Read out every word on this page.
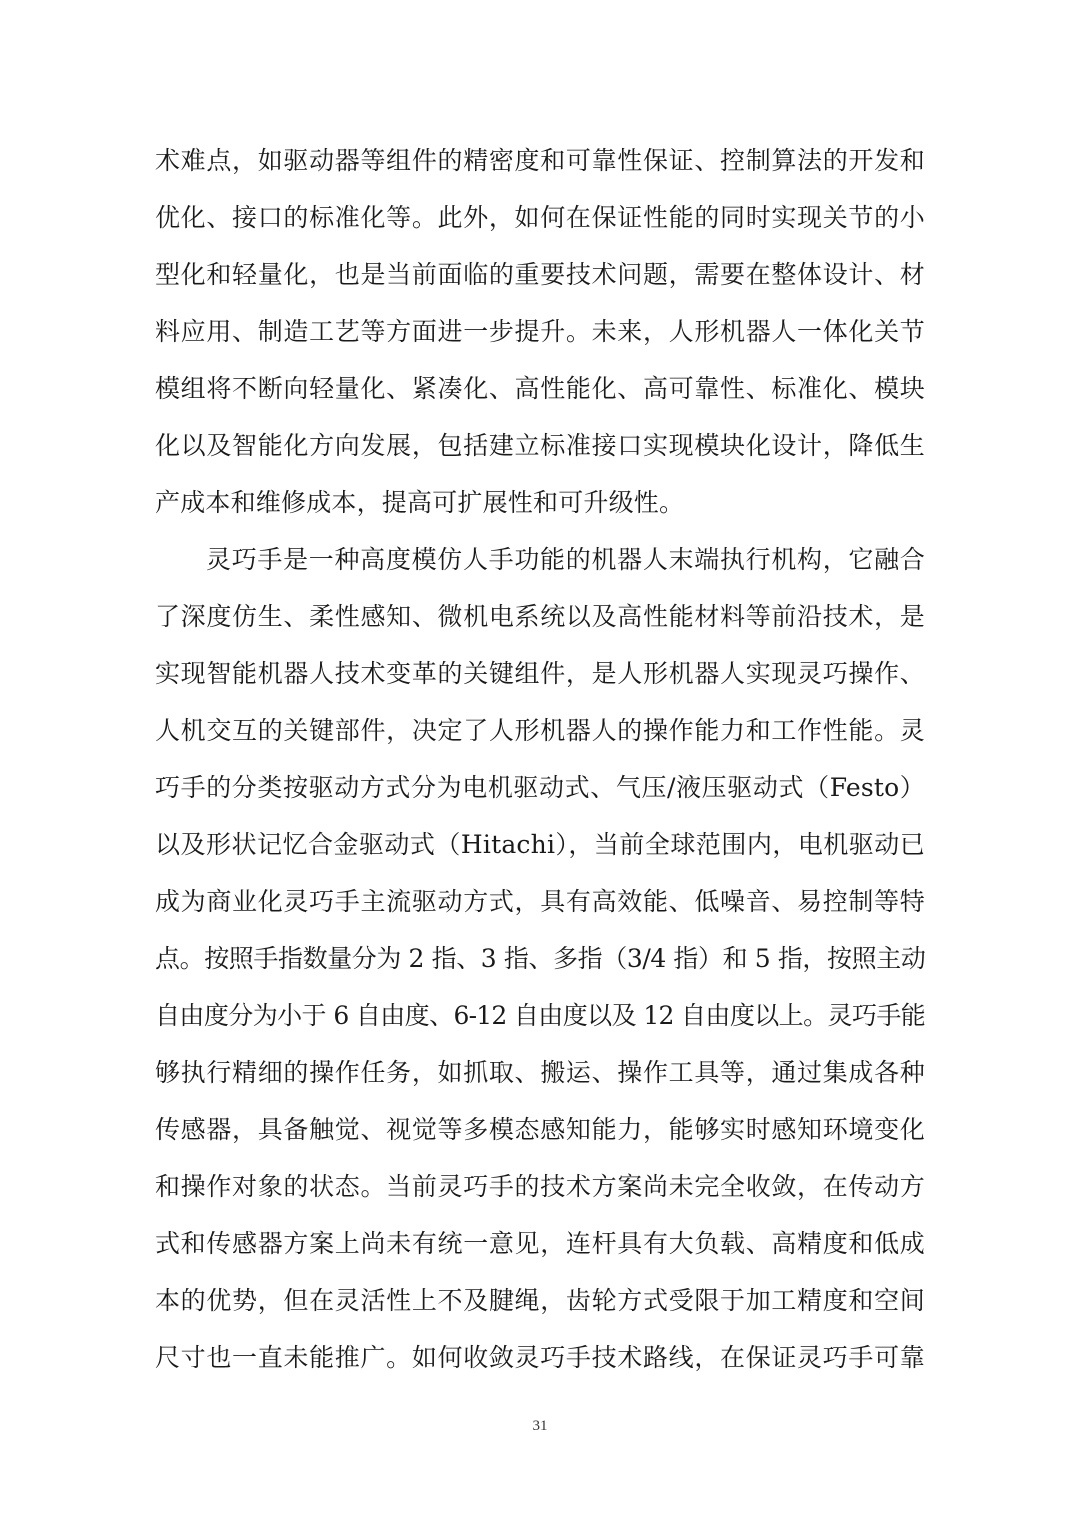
术难点，如驱动器等组件的精密度和可靠性保证、控制算法的开发和
优化、接口的标准化等。此外，如何在保证性能的同时实现关节的小
型化和轻量化，也是当前面临的重要技术问题，需要在整体设计、材
料应用、制造工艺等方面进一步提升。未来，人形机器人一体化关节
模组将不断向轻量化、紧凑化、高性能化、高可靠性、标准化、模块
化以及智能化方向发展，包括建立标准接口实现模块化设计，降低生
产成本和维修成本，提高可扩展性和可升级性。
灵巧手是一种高度模仿人手功能的机器人末端执行机构，它融合
了深度仿生、柔性感知、微机电系统以及高性能材料等前沿技术，是
实现智能机器人技术变革的关键组件，是人形机器人实现灵巧操作、
人机交互的关键部件，决定了人形机器人的操作能力和工作性能。灵
巧手的分类按驱动方式分为电机驱动式、气压/液压驱动式（Festo）
以及形状记忆合金驱动式（Hitachi），当前全球范围内，电机驱动已
成为商业化灵巧手主流驱动方式，具有高效能、低噪音、易控制等特
点。按照手指数量分为 2 指、3 指、多指（3/4 指）和 5 指，按照主动
自由度分为小于 6 自由度、6-12 自由度以及 12 自由度以上。灵巧手能
够执行精细的操作任务，如抓取、搬运、操作工具等，通过集成各种
传感器，具备触觉、视觉等多模态感知能力，能够实时感知环境变化
和操作对象的状态。当前灵巧手的技术方案尚未完全收敛，在传动方
式和传感器方案上尚未有统一意见，连杆具有大负载、高精度和低成
本的优势，但在灵活性上不及腱绳，齿轮方式受限于加工精度和空间
尺寸也一直未能推广。如何收敛灵巧手技术路线，在保证灵巧手可靠
31
